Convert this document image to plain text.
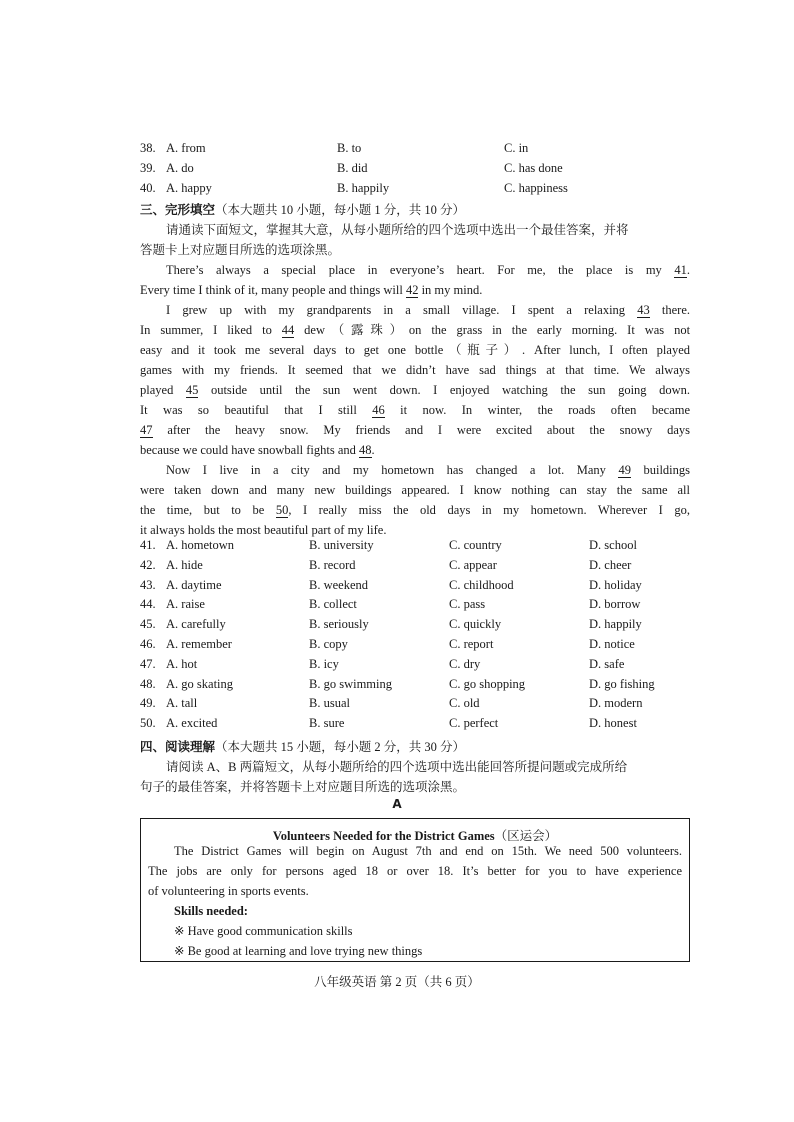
38. A. from	B. to	C. in
39. A. do	B. did	C. has done
40. A. happy	B. happily	C. happiness
三、完形填空（本大题共 10 小题，每小题 1 分，共 10 分）
请通读下面短文，掌握其大意，从每小题所给的四个选项中选出一个最佳答案，并将
答题卡上对应题目所选的选项涂黑。
There’s always a special place in everyone’s heart. For me, the place is my 41.
Every time I think of it, many people and things will 42 in my mind.
I grew up with my grandparents in a small village. I spent a relaxing 43 there.
In summer, I liked to 44 dew（露珠）on the grass in the early morning. It was not
easy and it took me several days to get one bottle（瓶子）. After lunch, I often played
games with my friends. It seemed that we didn’t have sad things at that time. We always
played 45 outside until the sun went down. I enjoyed watching the sun going down.
It was so beautiful that I still 46 it now. In winter, the roads often became
47 after the heavy snow. My friends and I were excited about the snowy days
because we could have snowball fights and 48.
Now I live in a city and my hometown has changed a lot. Many 49 buildings
were taken down and many new buildings appeared. I know nothing can stay the same all
the time, but to be 50, I really miss the old days in my hometown. Wherever I go,
it always holds the most beautiful part of my life.
41. A. hometown	B. university	C. country	D. school
42. A. hide	B. record	C. appear	D. cheer
43. A. daytime	B. weekend	C. childhood	D. holiday
44. A. raise	B. collect	C. pass	D. borrow
45. A. carefully	B. seriously	C. quickly	D. happily
46. A. remember	B. copy	C. report	D. notice
47. A. hot	B. icy	C. dry	D. safe
48. A. go skating	B. go swimming	C. go shopping	D. go fishing
49. A. tall	B. usual	C. old	D. modern
50. A. excited	B. sure	C. perfect	D. honest
四、阅读理解（本大题共 15 小题，每小题 2 分，共 30 分）
请阅读 A、B 两篇短文，从每小题所给的四个选项中选出能回答所提问题或完成所给
句子的最佳答案，并将答题卡上对应题目所选的选项涂黑。
A
Volunteers Needed for the District Games（区运会）
The District Games will begin on August 7th and end on 15th. We need 500 volunteers.
The jobs are only for persons aged 18 or over 18. It’s better for you to have experience
of volunteering in sports events.
Skills needed:
※ Have good communication skills
※ Be good at learning and love trying new things
八年级英语 第 2 页（共 6 页）
